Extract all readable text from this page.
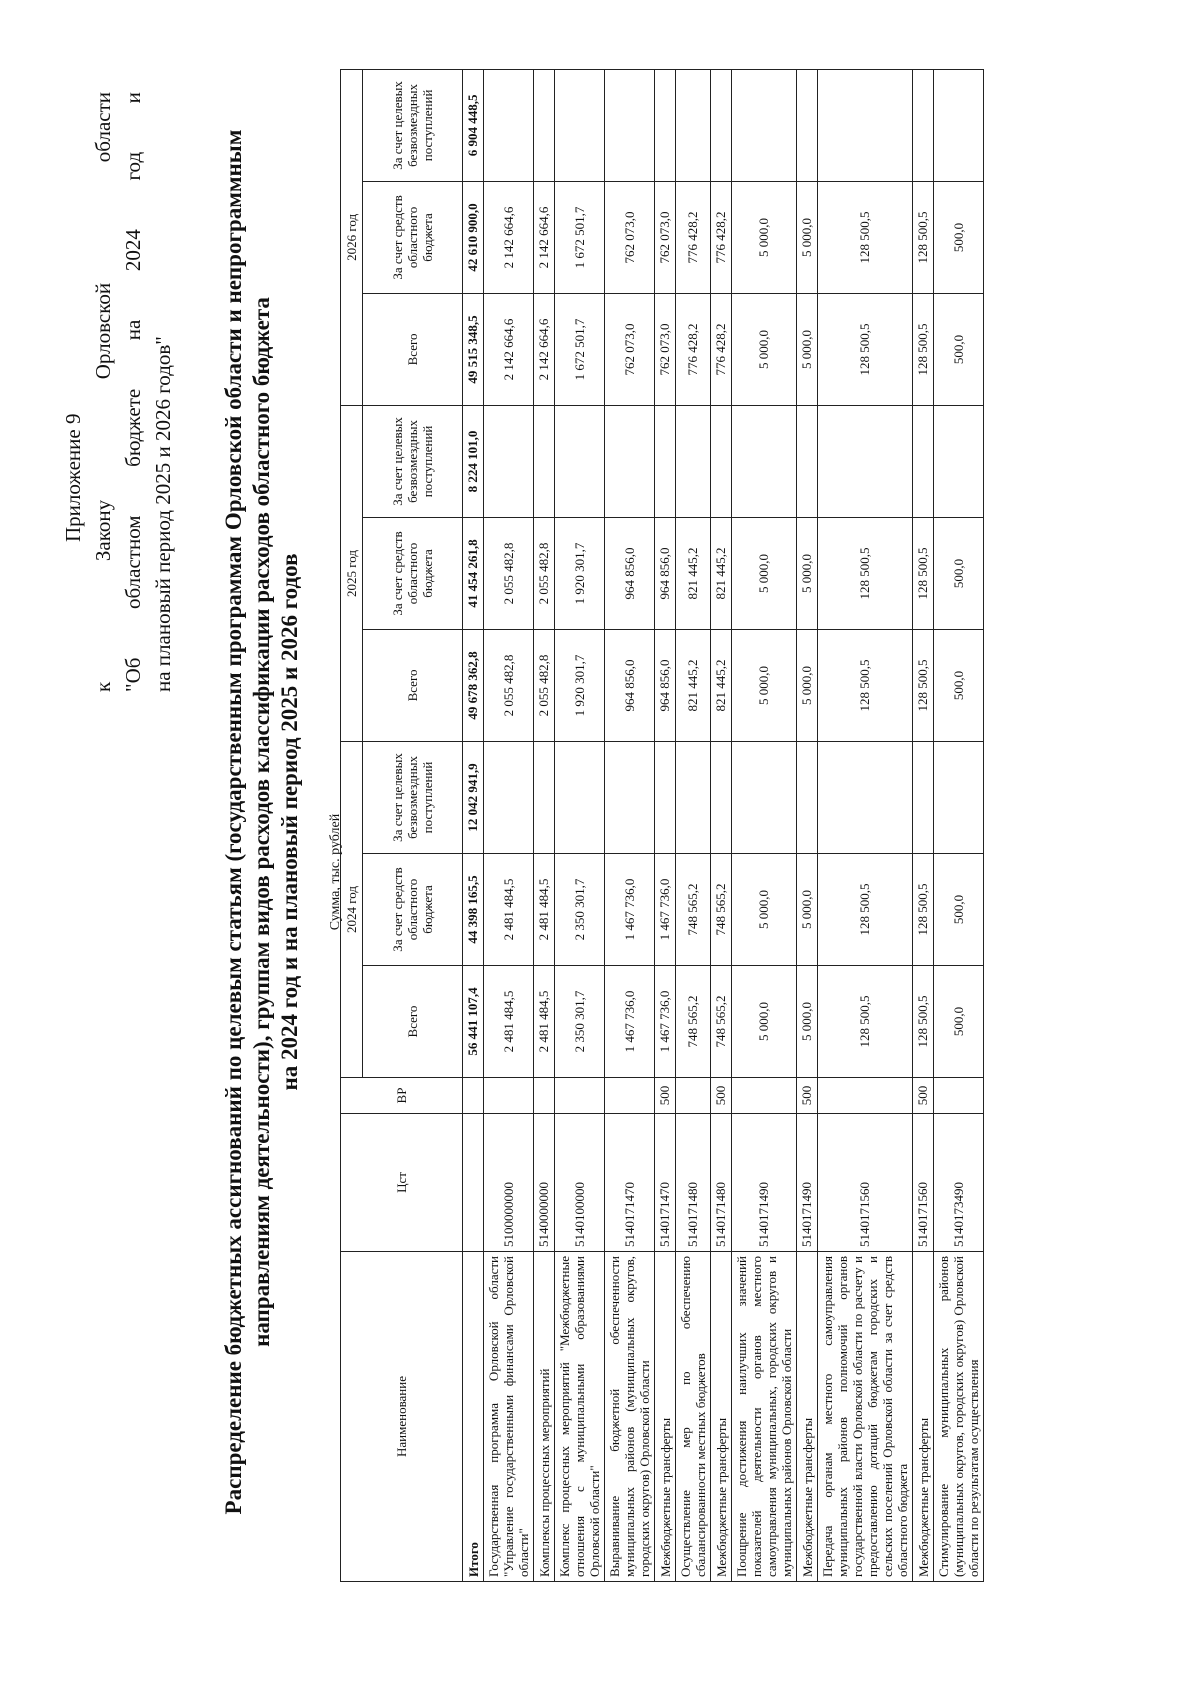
Приложение 9
к
Закону
Орловской
области
"Об
областном
бюджете
на
2024
год
и
на плановый период 2025 и 2026 годов" Распределение бюджетных ассигнований по целевым статьям (государственным программам Орловской области и непрограммным направлениям деятельности), группам видов расходов классификации расходов областного бюджета на 2024 год и на плановый период 2025 и 2026 годов Сумма, тыс. рублей
Наименование	Цст	ВР	2024 год			2025 год			2026 год		
			Всего	За счет средств областного бюджета	За счет целевых безвозмездных поступлений	Всего	За счет средств областного бюджета	За счет целевых безвозмездных поступлений	Всего	За счет средств областного бюджета	За счет целевых безвозмездных поступлений

Итого			56 441 107,4	44 398 165,5	12 042 941,9	49 678 362,8	41 454 261,8	8 224 101,0	49 515 348,5	42 610 900,0	6 904 448,5
Государственная программа Орловской области "Управление государственными финансами Орловской области"	5100000000		2 481 484,5	2 481 484,5		2 055 482,8	2 055 482,8		2 142 664,6	2 142 664,6	
Комплексы процессных мероприятий	5140000000		2 481 484,5	2 481 484,5		2 055 482,8	2 055 482,8		2 142 664,6	2 142 664,6	
Комплекс процессных мероприятий "Межбюджетные отношения с муниципальными образованиями Орловской области"	5140100000		2 350 301,7	2 350 301,7		1 920 301,7	1 920 301,7		1 672 501,7	1 672 501,7	
Выравнивание бюджетной обеспеченности муниципальных районов (муниципальных округов, городских округов) Орловской области	5140171470		1 467 736,0	1 467 736,0		964 856,0	964 856,0		762 073,0	762 073,0	
Межбюджетные трансферты	5140171470	500	1 467 736,0	1 467 736,0		964 856,0	964 856,0		762 073,0	762 073,0	
Осуществление мер по обеспечению сбалансированности местных бюджетов	5140171480		748 565,2	748 565,2		821 445,2	821 445,2		776 428,2	776 428,2	
Межбюджетные трансферты	5140171480	500	748 565,2	748 565,2		821 445,2	821 445,2		776 428,2	776 428,2	
Поощрение достижения наилучших значений показателей деятельности органов местного самоуправления муниципальных, городских округов и муниципальных районов Орловской области	5140171490		5 000,0	5 000,0		5 000,0	5 000,0		5 000,0	5 000,0	
Межбюджетные трансферты	5140171490	500	5 000,0	5 000,0		5 000,0	5 000,0		5 000,0	5 000,0	
Передача органам местного самоуправления муниципальных районов полномочий органов государственной власти Орловской области по расчету и предоставлению дотаций бюджетам городских и сельских поселений Орловской области за счет средств областного бюджета	5140171560		128 500,5	128 500,5		128 500,5	128 500,5		128 500,5	128 500,5	
Межбюджетные трансферты	5140171560	500	128 500,5	128 500,5		128 500,5	128 500,5		128 500,5	128 500,5	
Стимулирование муниципальных районов (муниципальных округов, городских округов) Орловской области по результатам осуществления	5140173490		500,0	500,0		500,0	500,0		500,0	500,0	
